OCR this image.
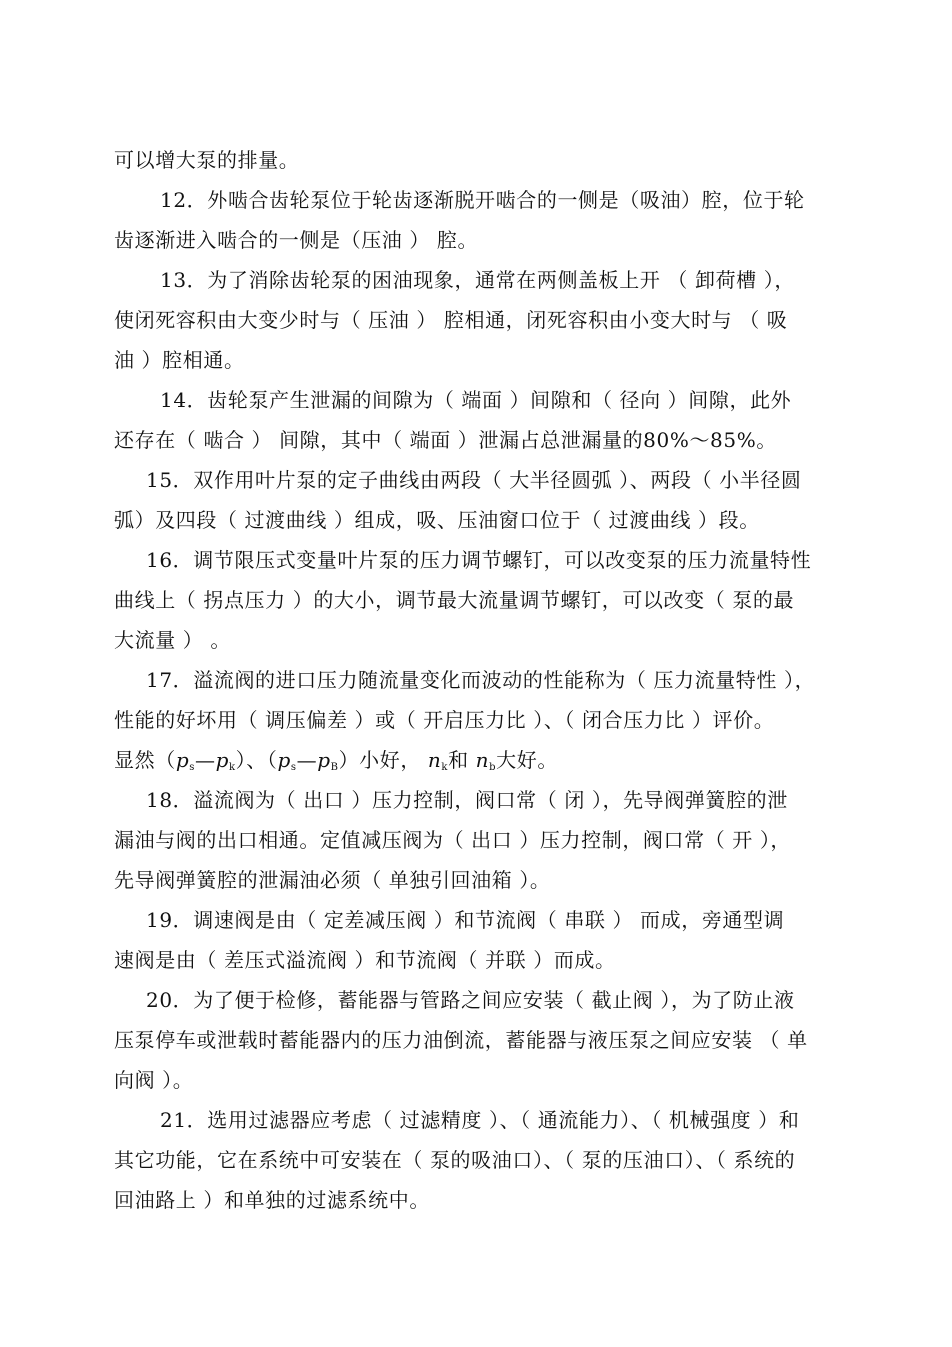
可以增大泵的排量。
12．外啮合齿轮泵位于轮齿逐渐脱开啮合的一侧是（吸油）腔，位于轮
齿逐渐进入啮合的一侧是（压油 ） 腔。
13．为了消除齿轮泵的困油现象，通常在两侧盖板上开 （ 卸荷槽 ），
使闭死容积由大变少时与（ 压油 ） 腔相通，闭死容积由小变大时与 （ 吸
油 ）腔相通。
14．齿轮泵产生泄漏的间隙为（ 端面 ）间隙和（ 径向 ）间隙，此外
还存在（ 啮合 ） 间隙，其中（ 端面 ）泄漏占总泄漏量的80%～85%。
15．双作用叶片泵的定子曲线由两段（ 大半径圆弧 ）、两段（ 小半径圆
弧）及四段（ 过渡曲线 ）组成，吸、压油窗口位于（ 过渡曲线 ）段。
16．调节限压式变量叶片泵的压力调节螺钉，可以改变泵的压力流量特性
曲线上（ 拐点压力 ）的大小，调节最大流量调节螺钉，可以改变（ 泵的最
大流量 ） 。
17．溢流阀的进口压力随流量变化而波动的性能称为（ 压力流量特性 ），
性能的好坏用（ 调压偏差 ）或（ 开启压力比 ）、（ 闭合压力比 ）评价。
显然$(p_s—p_k)$、$(p_s—p_B)$小好， $n_k$和 $n_b$大好。
18．溢流阀为（ 出口 ）压力控制，阀口常（ 闭 ），先导阀弹簧腔的泄
漏油与阀的出口相通。定值减压阀为（ 出口 ）压力控制，阀口常（ 开 ），
先导阀弹簧腔的泄漏油必须（ 单独引回油箱 ）。
19．调速阀是由（ 定差减压阀 ）和节流阀（ 串联 ） 而成，旁通型调
速阀是由（ 差压式溢流阀 ）和节流阀（ 并联 ）而成。
20．为了便于检修，蓄能器与管路之间应安装（ 截止阀 ），为了防止液
压泵停车或泄载时蓄能器内的压力油倒流，蓄能器与液压泵之间应安装 （ 单
向阀 ）。
21．选用过滤器应考虑（ 过滤精度 ）、（ 通流能力）、（ 机械强度 ）和
其它功能，它在系统中可安装在（ 泵的吸油口）、（ 泵的压油口）、（ 系统的
回油路上 ）和单独的过滤系统中。
